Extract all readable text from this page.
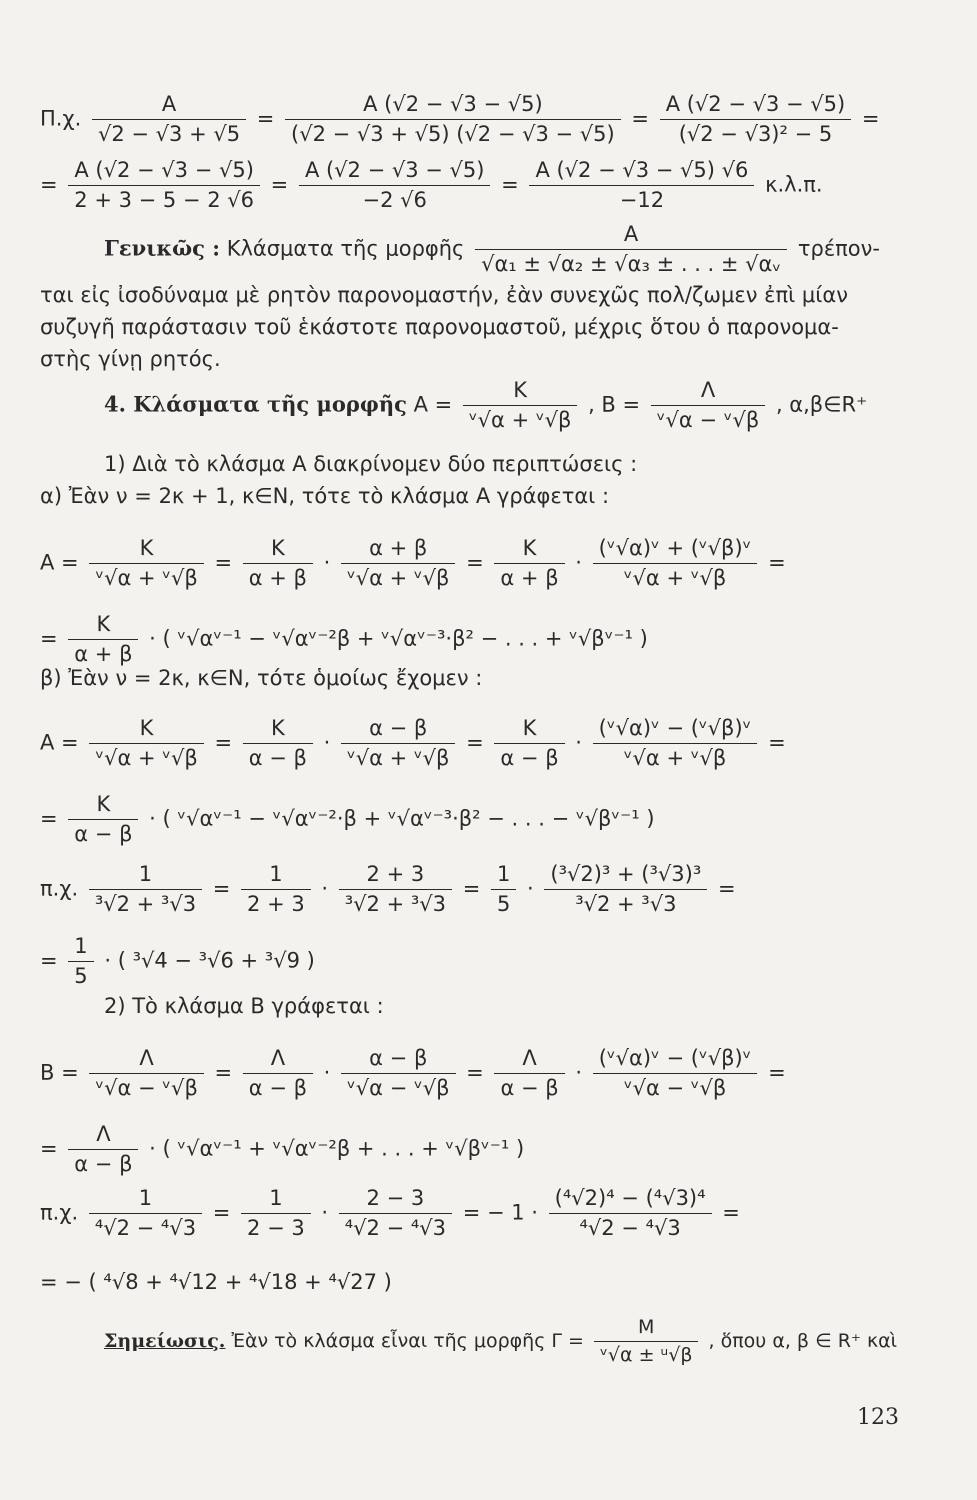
Π.χ. $\frac{A}{√2 - √3 + √5} = \frac{A (√2 - √3 - √5)}{(√2 - √3 + √5) (√2 - √3 - √5)} = \frac{A (√2 - √3 - √5)}{\text{(√2 − √3)² − 5}}$ =
= $\frac{A (√2 - √3 - √5)}{2 + 3 - 5 - 2 √6} = \frac{A (√2 - √3 - √5)}{-2 √6} = \frac{A (√2 - √3 - √5) √6}{-12} \kappa.\lambda.\pi$.
Γενικῶς : Κλάσματα τῆς μορφῆς $\frac{A}{\text{√α₁ ± √α₂ ± √α₃ ± . . . ± √αᵥ}} \tau\rho έ\pi o\nu-$
ται εἰς ἰσοδύναμα μὲ ρητὸν παρονομαστήν, ἐὰν συνεχῶς πολ/ζωμεν ἐπὶ μίαν
συζυγῆ παράστασιν τοῦ ἑκάστοτε παρονομαστοῦ, μέχρις ὅτου ὁ παρονομα-
στὴς γίνῃ ρητός.
4. Κλάσματα τῆς μορφῆς $A = \frac{K}{\text{ᵛ√α + ᵛ√β}}$ , $B = \frac{\Lambda}{\text{ᵛ√α − ᵛ√β}}$ , α,β∈R⁺
1) Διὰ τὸ κλάσμα Α διακρίνομεν δύο περιπτώσεις :
α) Ἐὰν ν = 2κ + 1, κ∈Ν, τότε τὸ κλάσμα Α γράφεται :
$A = \frac{K}{\text{ᵛ√α + ᵛ√β}} = \frac{K}{\alpha + \beta} \cdot \frac{\alpha + \beta}{\text{ᵛ√α + ᵛ√β}} = \frac{K}{\alpha + \beta} \cdot \frac{\text{(ᵛ√α)ᵛ + (ᵛ√β)ᵛ}}{\text{ᵛ√α + ᵛ√β}}$ =
= $\frac{K}{\alpha + \beta}$ · ( ᵛ√αᵛ⁻¹ − ᵛ√αᵛ⁻²β + ᵛ√αᵛ⁻³·β² − . . . + ᵛ√βᵛ⁻¹ )
β) Ἐὰν ν = 2κ, κ∈Ν, τότε ὁμοίως ἔχομεν :
$A = \frac{K}{\text{ᵛ√α + ᵛ√β}} = \frac{K}{\alpha - \beta} \cdot \frac{\alpha - \beta}{\text{ᵛ√α + ᵛ√β}} = \frac{K}{\alpha - \beta} \cdot \frac{\text{(ᵛ√α)ᵛ − (ᵛ√β)ᵛ}}{\text{ᵛ√α + ᵛ√β}}$ =
= $\frac{K}{\alpha - \beta}$ · ( ᵛ√αᵛ⁻¹ − ᵛ√αᵛ⁻²·β + ᵛ√αᵛ⁻³·β² − . . . − ᵛ√βᵛ⁻¹ )
π.χ. $\frac{1}{\text{³√2 + ³√3}} = \frac{1}{2 + 3} \cdot \frac{2 + 3}{\text{³√2 + ³√3}} = \frac{1}{5} \cdot \frac{\text{(³√2)³ + (³√3)³}}{\text{³√2 + ³√3}}$ =
= $\frac{1}{5}$ · ( ³√4 − ³√6 + ³√9 )
2) Τὸ κλάσμα Β γράφεται :
$B = \frac{\Lambda}{\text{ᵛ√α − ᵛ√β}} = \frac{\Lambda}{\alpha - \beta} \cdot \frac{\alpha - \beta}{\text{ᵛ√α − ᵛ√β}} = \frac{\Lambda}{\alpha - \beta} \cdot \frac{\text{(ᵛ√α)ᵛ − (ᵛ√β)ᵛ}}{\text{ᵛ√α − ᵛ√β}}$ =
= $\frac{\Lambda}{\alpha - \beta}$ · ( ᵛ√αᵛ⁻¹ + ᵛ√αᵛ⁻²β + . . . + ᵛ√βᵛ⁻¹ )
π.χ. $\frac{1}{\text{⁴√2 − ⁴√3}} = \frac{1}{2 - 3} \cdot \frac{2 - 3}{\text{⁴√2 − ⁴√3}}$ = − $1 \cdot \frac{\text{(⁴√2)⁴ − (⁴√3)⁴}}{\text{⁴√2 − ⁴√3}}$ =
= − ( ⁴√8 + ⁴√12 + ⁴√18 + ⁴√27 )
Σημείωσις. Ἐὰν τὸ κλάσμα εἶναι τῆς μορφῆς $\Gamma = \frac{M}{\text{ᵛ√α ± ᵘ√β}}$ , ὅπου α, β ∈ R⁺ καὶ
123
